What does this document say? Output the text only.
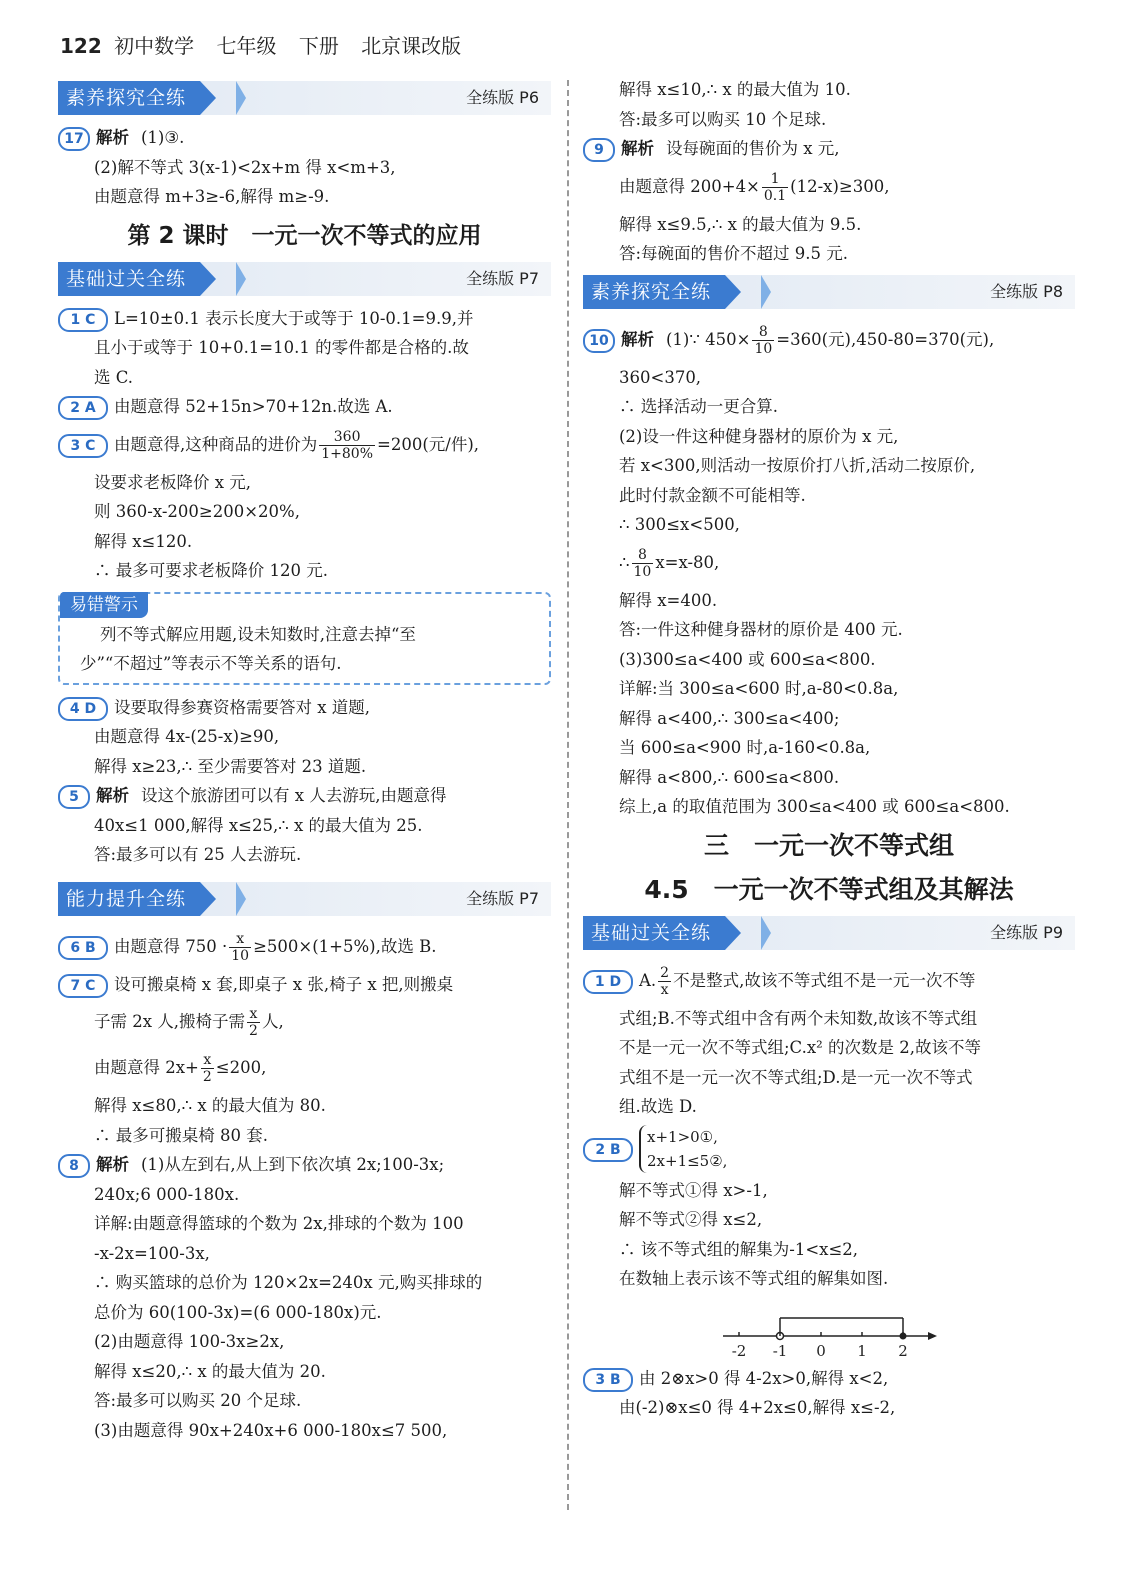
122 初中数学 七年级 下册 北京课改版
素养探究全练	全练版 P6

17 解析 (1)③.

(2)解不等式 3(x-1)<2x+m 得 x<m+3,

由题意得 m+3≥-6,解得 m≥-9.

第 2 课时　一元一次不等式的应用
基础过关全练	全练版 P7

1 C L=10±0.1 表示长度大于或等于 10-0.1=9.9,并

且小于或等于 10+0.1=10.1 的零件都是合格的.故

选 C.

2 A 由题意得 52+15n>70+12n.故选 A.

3 C 由题意得,这种商品的进价为 $\frac{360}{1+80\%} =200$(元/件),

设要求老板降价 x 元,

则 360-x-200≥200×20%,

解得 x≤120.

∴ 最多可要求老板降价 120 元.

易错警示

列不等式解应用题,设未知数时,注意去掉“至

少”“不超过”等表示不等关系的语句.

4 D 设要取得参赛资格需要答对 x 道题,

由题意得 4x-(25-x)≥90,

解得 x≥23,∴ 至少需要答对 23 道题.

5 解析 设这个旅游团可以有 x 人去游玩,由题意得

40x≤1 000,解得 x≤25,∴ x 的最大值为 25.

答:最多可以有 25 人去游玩.

能力提升全练	全练版 P7

6 B 由题意得 $750 \cdot \frac{x}{10} \ge 500\times(1+5\%)$,故选 B.

7 C 设可搬桌椅 x 套,即桌子 x 张,椅子 x 把,则搬桌

子需 2x 人,搬椅子需 $\frac{x}{2}$ 人,

由题意得 $2x+ \frac{x}{2} \le 200$,

解得 x≤80,∴ x 的最大值为 80.

∴ 最多可搬桌椅 80 套.

8 解析 (1)从左到右,从上到下依次填 2x;100-3x;

240x;6 000-180x.

详解:由题意得篮球的个数为 2x,排球的个数为 100

-x-2x=100-3x,

∴ 购买篮球的总价为 120×2x=240x 元,购买排球的

总价为 60(100-3x)=(6 000-180x)元.

(2)由题意得 100-3x≥2x,

解得 x≤20,∴ x 的最大值为 20.

答:最多可以购买 20 个足球.

(3)由题意得 90x+240x+6 000-180x≤7 500,

解得 x≤10,∴ x 的最大值为 10.

答:最多可以购买 10 个足球.

9 解析 设每碗面的售价为 x 元,

由题意得 $200+4\times \frac{1}{0.1} (12-x)\ge 300$,

解得 x≤9.5,∴ x 的最大值为 9.5.

答:每碗面的售价不超过 9.5 元.

素养探究全练	全练版 P8

10 解析 (1)∵ $450\times \frac{8}{10} =360$(元),450-80=370(元),

360<370,

∴ 选择活动一更合算.

(2)设一件这种健身器材的原价为 x 元,

若 x<300,则活动一按原价打八折,活动二按原价,

此时付款金额不可能相等.

∴ 300≤x<500,

∴ $\frac{8}{10} x=x-80$,

解得 x=400.

答:一件这种健身器材的原价是 400 元.

(3)300≤a<400 或 600≤a<800.

详解:当 300≤a<600 时,a-80<0.8a,

解得 a<400,∴ 300≤a<400;

当 600≤a<900 时,a-160<0.8a,

解得 a<800,∴ 600≤a<800.

综上,a 的取值范围为 300≤a<400 或 600≤a<800.

三　一元一次不等式组
4.5　一元一次不等式组及其解法
基础过关全练	全练版 P9

1 D A. $\frac{2}{x}$ 不是整式,故该不等式组不是一元一次不等

式组;B.不等式组中含有两个未知数,故该不等式组

不是一元一次不等式组;C.x² 的次数是 2,故该不等

式组不是一元一次不等式组;D.是一元一次不等式

组.故选 D.

2 B
x+1>0①,
2x+1≤5②,

解不等式①得 x>-1,

解不等式②得 x≤2,

∴ 该不等式组的解集为-1<x≤2,

在数轴上表示该不等式组的解集如图.

-2 -1 0 1 2

3 B 由 2⊗x>0 得 4-2x>0,解得 x<2,

由(-2)⊗x≤0 得 4+2x≤0,解得 x≤-2,
